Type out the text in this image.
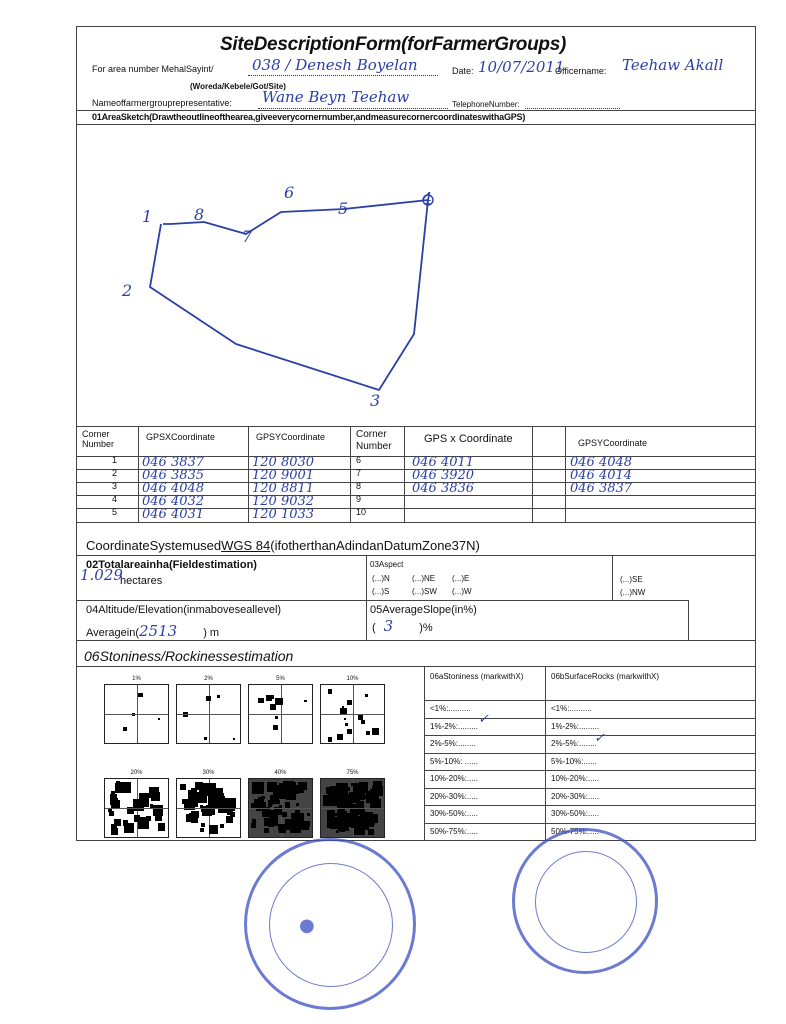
SiteDescriptionForm(forFarmerGroups)
For area number MehalSayint/	038 / Denesh Boyelan
(Woreda/Kebele/Got/Site)
Date: 10/07/2011
Officername: Teehaw Akall
Nameoffarmergrouprepresentative: Wane Beyn Teehaw	TelephoneNumber:
01AreaSketch(Drawtheoutlineofthearea,giveeverycornernumber,andmeasurecornercoordinateswithaGPS)
1
2
3
4
5
6
7
8
Corner Number
GPSXCoordinate	GPSYCoordinate	Corner Number
GPS x Coordinate	GPSYCoordinate
1 046 3837	120 8030	6	046 4011	046 4048
2 046 3835	120 9001	7	046 3920	046 4014
3 046 4048	120 8811	8	046 3836	046 3837
4 046 4032	120 9032	9
5 046 4031	120 1033	10
CoordinateSystemusedWGS 84(ifotherthanAdindanDatumZone37N)
02Totalareainha(Fieldestimation)
hectares
1.029
03Aspect
(...)N	(...)NE (...)E
(...)S	(...)SW (...)W
(...)SE
(...)NW
04Altitude/Elevation(inmaboveseallevel)
Averagein(2513 ) m
05AverageSlope(in%)
( 3 )%
06Stoniness/Rockinessestimation
1%	2%	5%	10%
20%	30%	40%	75%
06aStoniness (markwithX)	06bSurfaceRocks (markwithX)
<1%:..........	<1%:..........
1%-2%:.........	1%-2%:.........
2%-5%:........	2%-5%:........
5%-10%: ......	5%-10%:......
10%-20%:.....	10%-20%:.....
20%-30%:.....	20%-30%:.....
30%-50%:.....	30%-50%:.....
50%-75%:.....	50%-75%:.....
✓
✓
●
